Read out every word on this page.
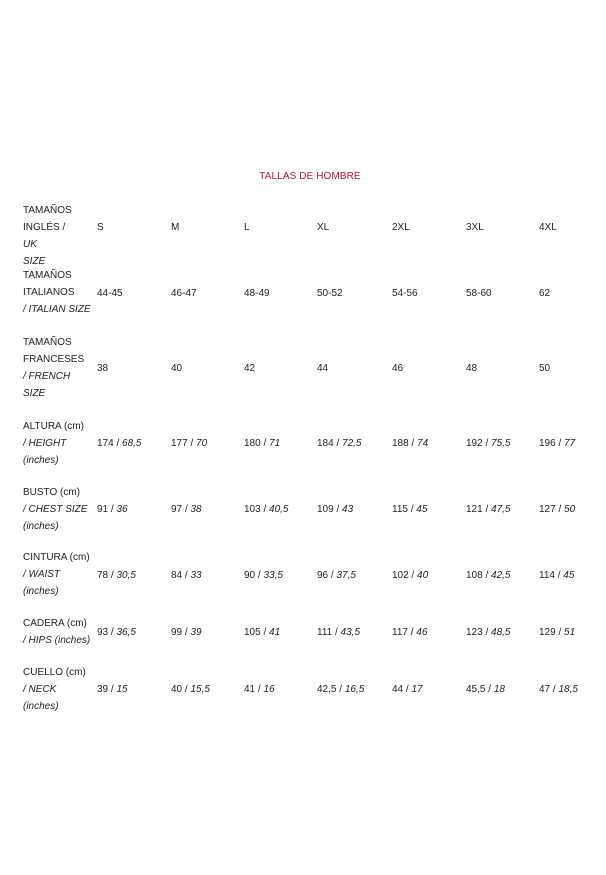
TALLAS DE HOMBRE
TAMAÑOS
INGLÉS /
UK
SIZE
S	M	L	XL	2XL	3XL	4XL
TAMAÑOS
ITALIANOS
/ ITALIAN SIZE
44-45	46-47	48-49	50-52	54-56	58-60	62
TAMAÑOS
FRANCESES
/ FRENCH
SIZE
38	40	42	44	46	48	50
ALTURA (cm)
/ HEIGHT
(inches)
174 / 68,5	177 / 70	180 / 71	184 / 72,5	188 / 74	192 / 75,5	196 / 77
BUSTO (cm)
/ CHEST SIZE
(inches)
91 / 36	97 / 38	103 / 40,5	109 / 43	115 / 45	121 / 47,5	127 / 50
CINTURA (cm)
/ WAIST
(inches)
78 / 30,5	84 / 33	90 / 33,5	96 / 37,5	102 / 40	108 / 42,5	114 / 45
CADERA (cm)
/ HIPS (inches)
93 / 36,5	99 / 39	105 / 41	111 / 43,5	117 / 46	123 / 48,5	129 / 51
CUELLO (cm)
/ NECK
(inches)
39 / 15	40 / 15,5	41 / 16	42,5 / 16,5	44 / 17	45,5 / 18	47 / 18,5
